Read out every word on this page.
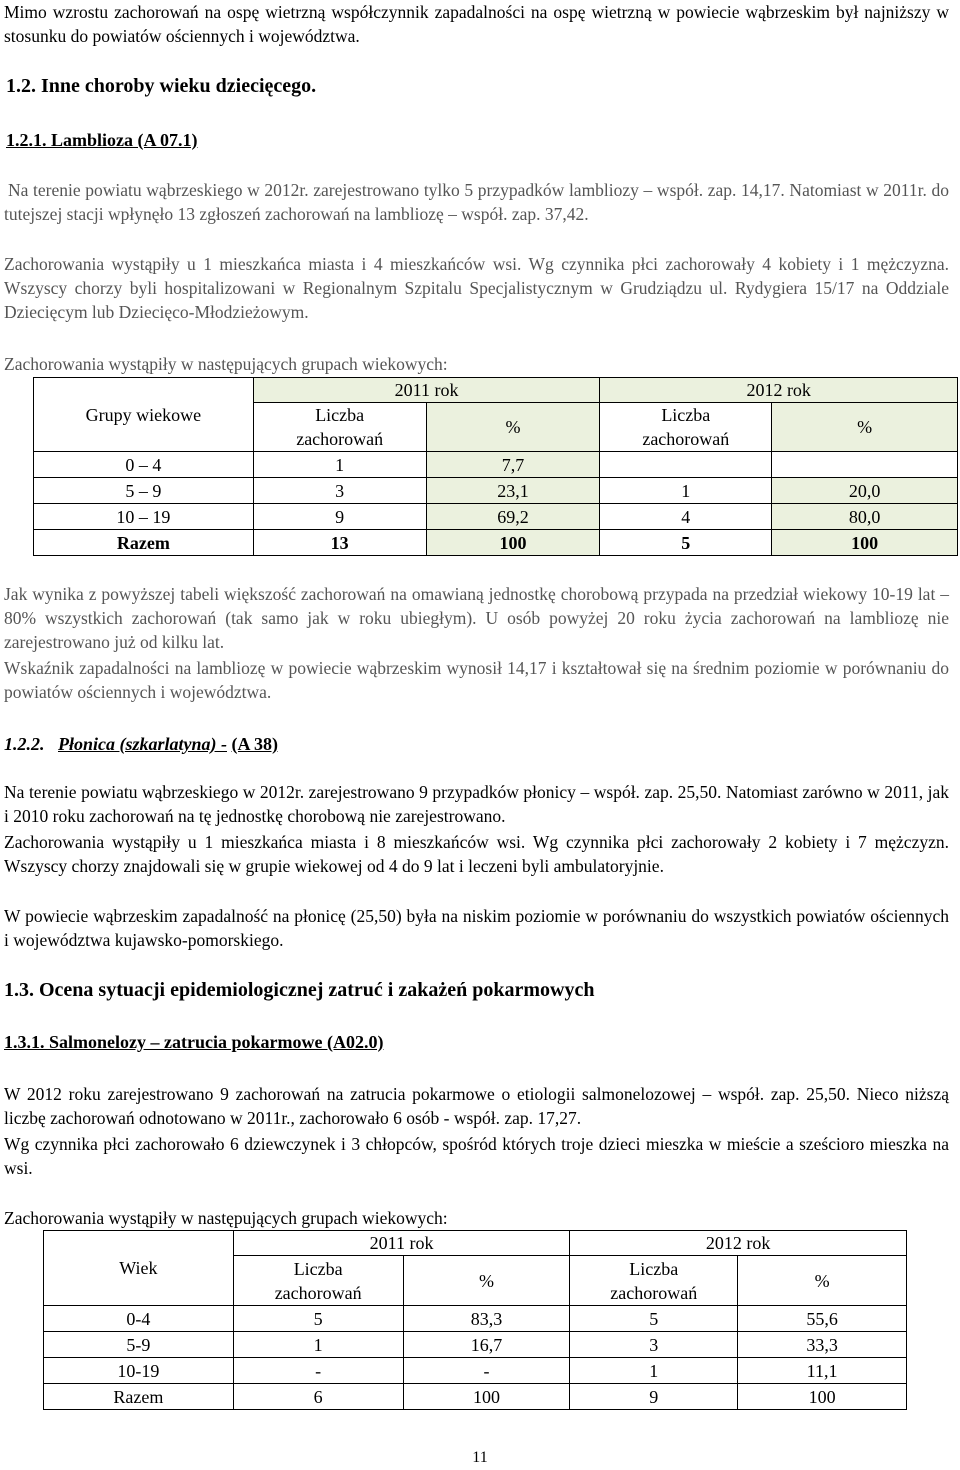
Mimo wzrostu zachorowań na ospę wietrzną współczynnik zapadalności na ospę wietrzną w powiecie wąbrzeskim był najniższy w stosunku do powiatów ościennych i województwa.

1.2. Inne choroby wieku dziecięcego.
1.2.1. Lamblioza (A 07.1)

Na terenie powiatu wąbrzeskiego w 2012r. zarejestrowano tylko 5 przypadków lambliozy – współ. zap. 14,17. Natomiast w 2011r. do tutejszej stacji wpłynęło 13 zgłoszeń zachorowań na lambliozę – współ. zap. 37,42.

Zachorowania wystąpiły u 1 mieszkańca miasta i 4 mieszkańców wsi. Wg czynnika płci zachorowały 4 kobiety i 1 mężczyzna. Wszyscy chorzy byli hospitalizowani w Regionalnym Szpitalu Specjalistycznym w Grudziądzu ul. Rydygiera 15/17 na Oddziale Dziecięcym lub Dziecięco-Młodzieżowym.

Zachorowania wystąpiły w następujących grupach wiekowych:

Grupy wiekowe	2011 rok		2012 rok	
	Liczba
zachorowań	%	Liczba
zachorowań	%
0 – 4	1	7,7		
5 – 9	3	23,1	1	20,0
10 – 19	9	69,2	4	80,0
Razem	13	100	5	100

Jak wynika z powyższej tabeli większość zachorowań na omawianą jednostkę chorobową przypada na przedział wiekowy 10-19 lat – 80% wszystkich zachorowań (tak samo jak w roku ubiegłym). U osób powyżej 20 roku życia zachorowań na lambliozę nie zarejestrowano już od kilku lat.

Wskaźnik zapadalności na lambliozę w powiecie wąbrzeskim wynosił 14,17 i kształtował się na średnim poziomie w porównaniu do powiatów ościennych i województwa.

1.2.2. Płonica (szkarlatyna) - (A 38)

Na terenie powiatu wąbrzeskiego w 2012r. zarejestrowano 9 przypadków płonicy – współ. zap. 25,50. Natomiast zarówno w 2011, jak i 2010 roku zachorowań na tę jednostkę chorobową nie zarejestrowano.

Zachorowania wystąpiły u 1 mieszkańca miasta i 8 mieszkańców wsi. Wg czynnika płci zachorowały 2 kobiety i 7 mężczyzn. Wszyscy chorzy znajdowali się w grupie wiekowej od 4 do 9 lat i leczeni byli ambulatoryjnie.

W powiecie wąbrzeskim zapadalność na płonicę (25,50) była na niskim poziomie w porównaniu do wszystkich powiatów ościennych i województwa kujawsko-pomorskiego.

1.3. Ocena sytuacji epidemiologicznej zatruć i zakażeń pokarmowych
1.3.1. Salmonelozy – zatrucia pokarmowe (A02.0)

W 2012 roku zarejestrowano 9 zachorowań na zatrucia pokarmowe o etiologii salmonelozowej – współ. zap. 25,50. Nieco niższą liczbę zachorowań odnotowano w 2011r., zachorowało 6 osób - współ. zap. 17,27.

Wg czynnika płci zachorowało 6 dziewczynek i 3 chłopców, spośród których troje dzieci mieszka w mieście a sześcioro mieszka na wsi.

Zachorowania wystąpiły w następujących grupach wiekowych:

Wiek	2011 rok		2012 rok	
	Liczba
zachorowań	%	Liczba
zachorowań	%
0-4	5	83,3	5	55,6
5-9	1	16,7	3	33,3
10-19	-	-	1	11,1
Razem	6	100	9	100
11
